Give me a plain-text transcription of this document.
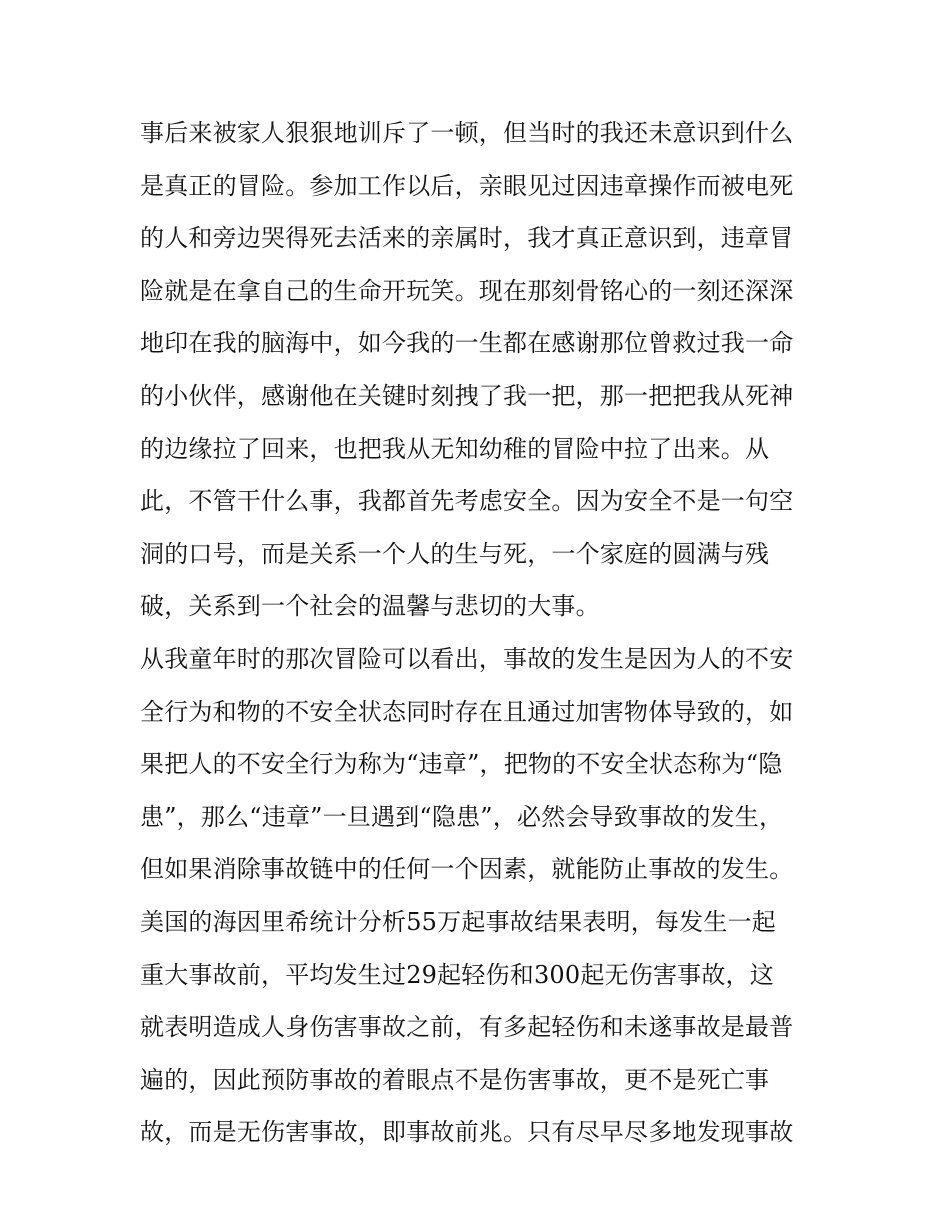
事后来被家人狠狠地训斥了一顿，但当时的我还未意识到什么
是真正的冒险。参加工作以后，亲眼见过因违章操作而被电死
的人和旁边哭得死去活来的亲属时，我才真正意识到，违章冒
险就是在拿自己的生命开玩笑。现在那刻骨铭心的一刻还深深
地印在我的脑海中，如今我的一生都在感谢那位曾救过我一命
的小伙伴，感谢他在关键时刻拽了我一把，那一把把我从死神
的边缘拉了回来，也把我从无知幼稚的冒险中拉了出来。从
此，不管干什么事，我都首先考虑安全。因为安全不是一句空
洞的口号，而是关系一个人的生与死，一个家庭的圆满与残
破，关系到一个社会的温馨与悲切的大事。
从我童年时的那次冒险可以看出，事故的发生是因为人的不安
全行为和物的不安全状态同时存在且通过加害物体导致的，如
果把人的不安全行为称为“违章”，把物的不安全状态称为“隐
患”，那么“违章”一旦遇到“隐患”，必然会导致事故的发生，
但如果消除事故链中的任何一个因素，就能防止事故的发生。
美国的海因里希统计分析55万起事故结果表明，每发生一起
重大事故前，平均发生过29起轻伤和300起无伤害事故，这
就表明造成人身伤害事故之前，有多起轻伤和未遂事故是最普
遍的，因此预防事故的着眼点不是伤害事故，更不是死亡事
故，而是无伤害事故，即事故前兆。只有尽早尽多地发现事故
